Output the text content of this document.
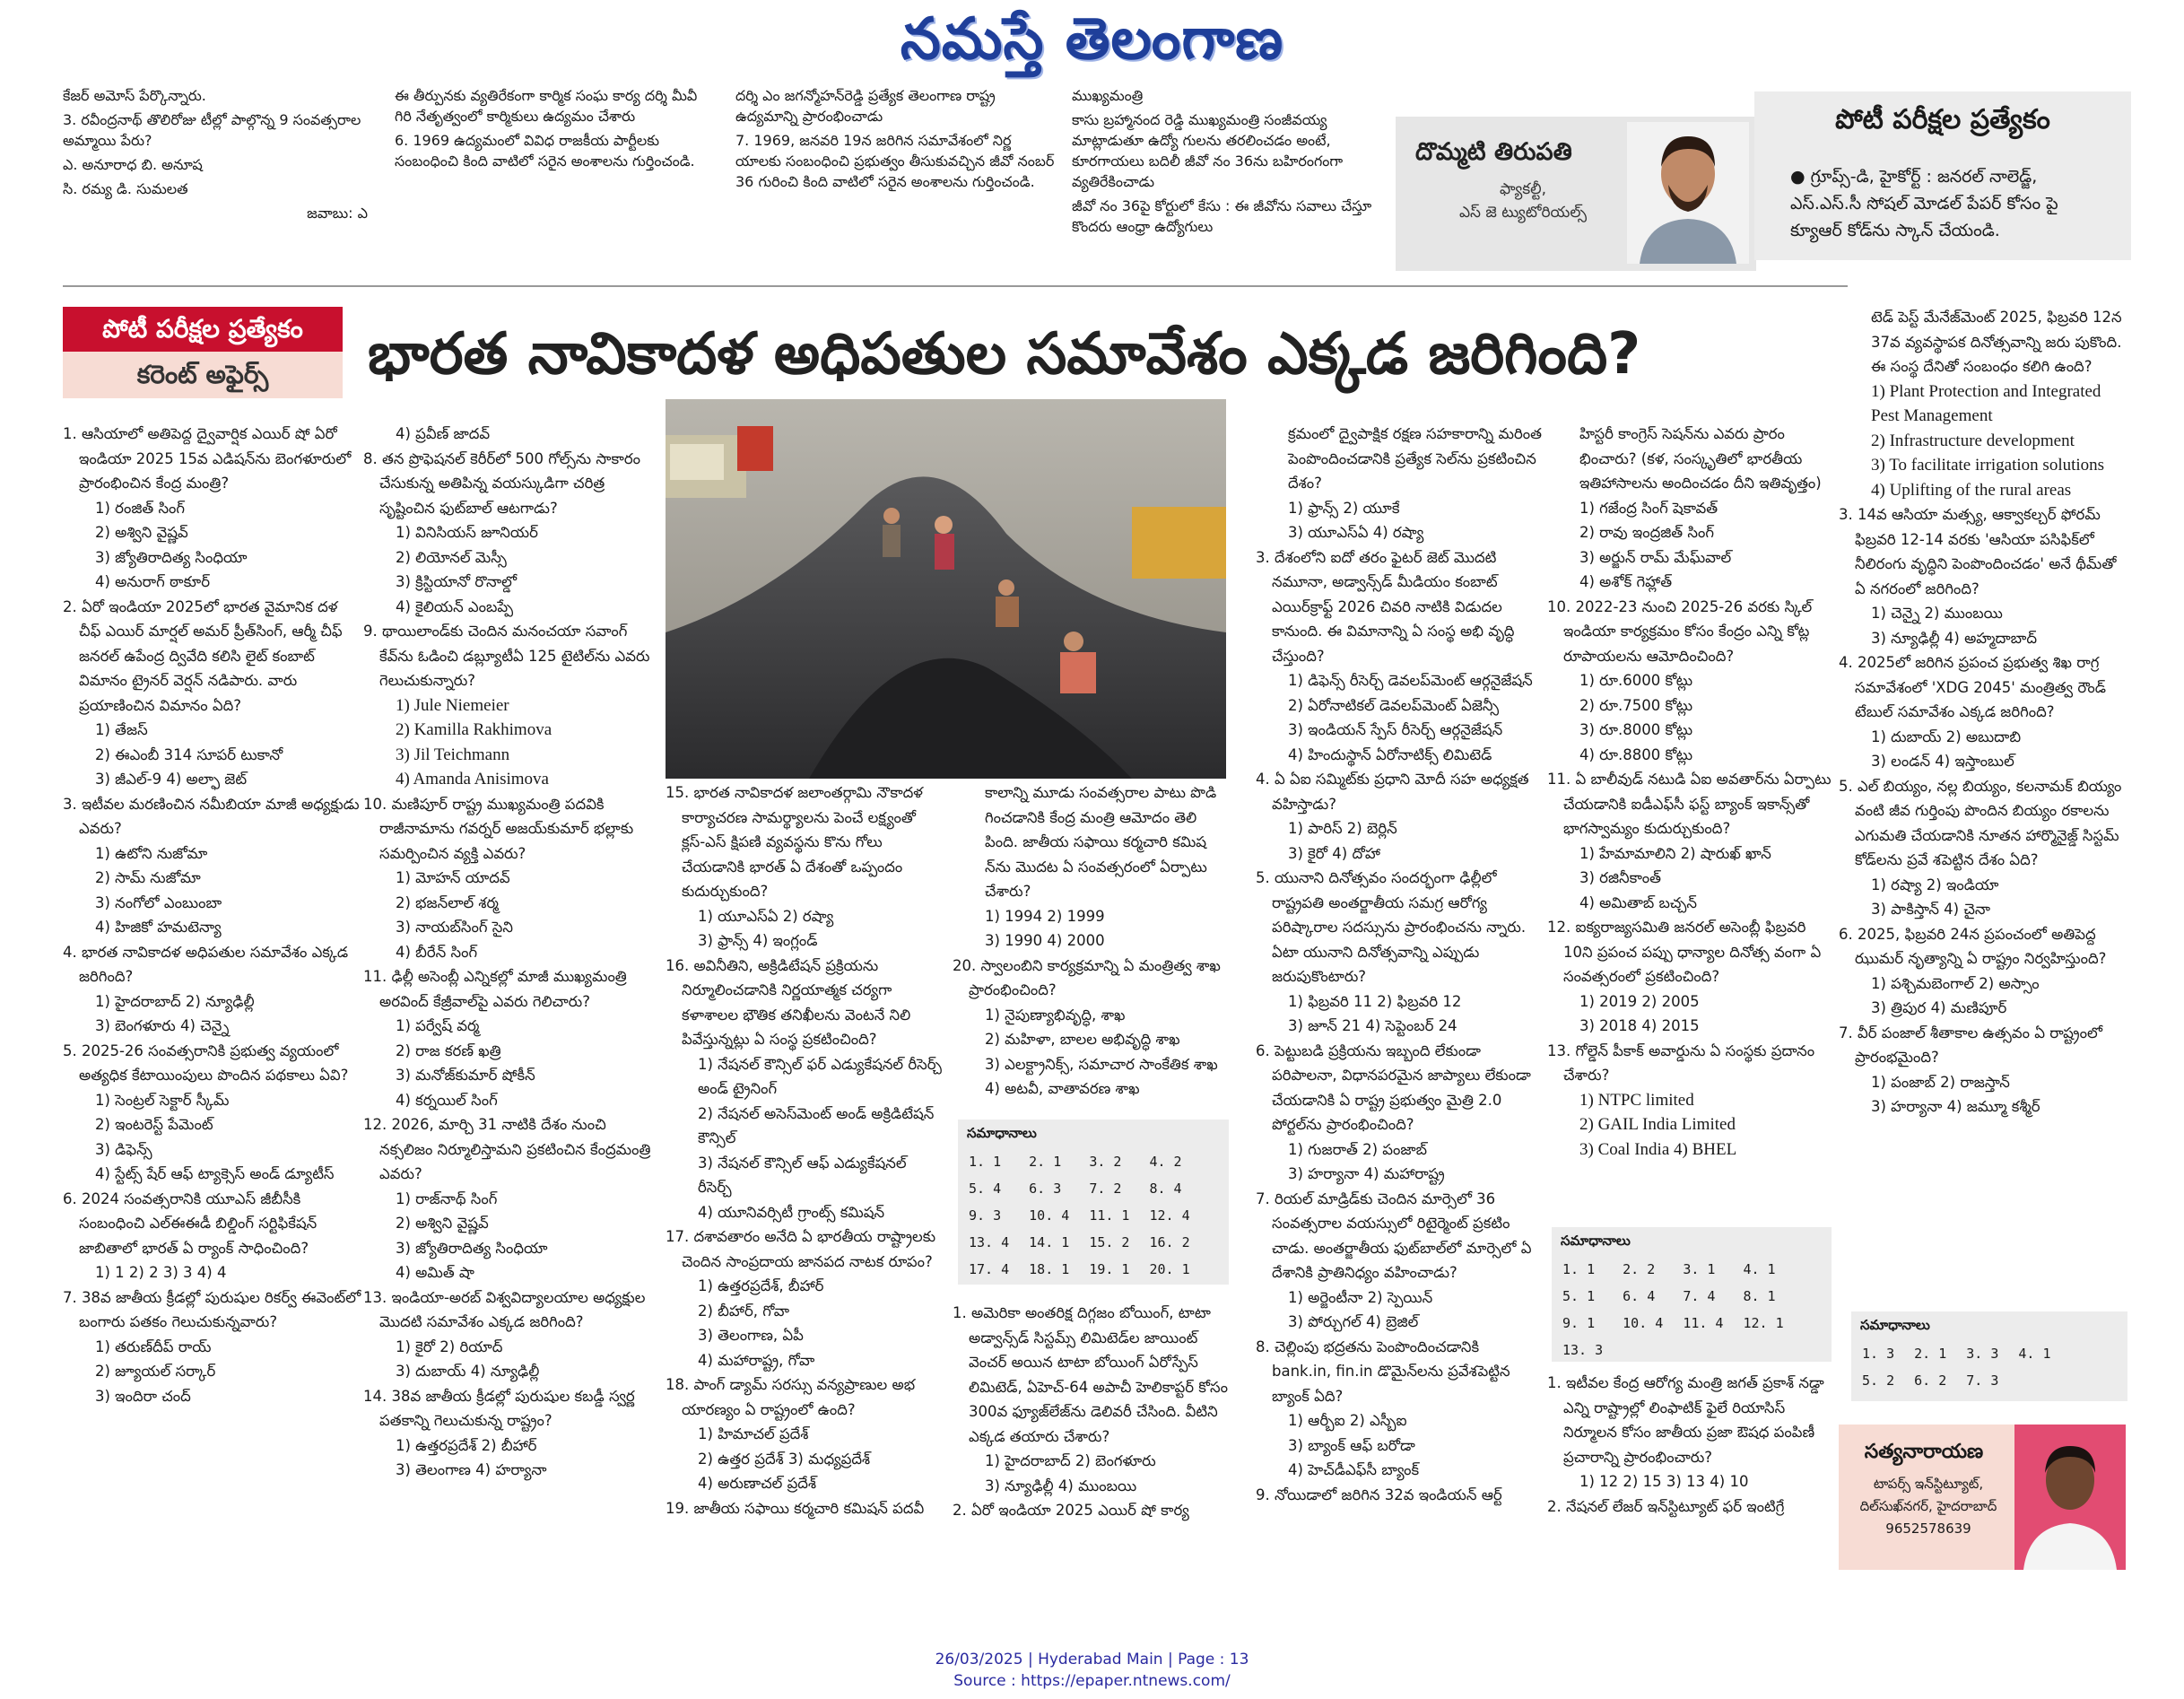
నమస్తే తెలంగాణ

కేజర్ అమోస్ పేర్కొన్నారు.

3. రవీంద్రనాథ్ తొలిరోజు టీల్లో పాల్గొన్న 9 సంవత్సరాల అమ్మాయి పేరు?

ఎ. అనూరాధ బి. అనూష

సి. రమ్య డి. సుమలత

జవాబు: ఎ

ఈ తీర్పునకు వ్యతిరేకంగా కార్మిక సంఘ కార్య దర్శి మీవీ గిరి నేతృత్వంలో కార్మికులు ఉద్యమం చేశారు

6. 1969 ఉద్యమంలో వివిధ రాజకీయ పార్టీలకు సంబంధించి కింది వాటిలో సరైన అంశాలను గుర్తించండి.

దర్శి ఎం జగన్మోహన్‌రెడ్డి ప్రత్యేక తెలంగాణ రాష్ట్ర ఉద్యమాన్ని ప్రారంభించాడు

7. 1969, జనవరి 19న జరిగిన సమావేశంలో నిర్ణ యాలకు సంబంధించి ప్రభుత్వం తీసుకువచ్చిన జీవో నంబర్ 36 గురించి కింది వాటిలో సరైన అంశాలను గుర్తించండి.

ముఖ్యమంత్రి

కాసు బ్రహ్మానంద రెడ్డి ముఖ్యమంత్రి సంజీవయ్య మాట్లాడుతూ ఉద్యో గులను తరలించడం అంటే, కూరగాయలు బదిలీ జీవో నం 36ను బహిరంగంగా వ్యతిరేకించాడు

జీవో నం 36పై కోర్టులో కేసు : ఈ జీవోను సవాలు చేస్తూ కొందరు ఆంధ్రా ఉద్యోగులు

దొమ్మటి తిరుపతి
ఫ్యాకల్టీ,
ఎస్ జె ట్యుటోరియల్స్
పోటీ పరీక్షల ప్రత్యేకం
● గ్రూప్స్-డి, హైకోర్ట్ : జనరల్ నాలెడ్జ్, ఎస్.ఎస్.సీ సోషల్ మోడల్ పేపర్ కోసం పై క్యూఆర్ కోడ్‌ను స్కాన్ చేయండి.
పోటీ పరీక్షల ప్రత్యేకం
కరెంట్ అఫైర్స్	భారత నావికాదళ అధిపతుల సమావేశం ఎక్కడ జరిగింది?

1. ఆసియాలో అతిపెద్ద ద్వైవార్షిక ఎయిర్ షో ఏరో ఇండియా 2025 15వ ఎడిషన్‌ను బెంగళూరులో ప్రారంభించిన కేంద్ర మంత్రి?

1) రంజిత్ సింగ్

2) అశ్విని వైష్ణవ్

3) జ్యోతిరాదిత్య సింధియా

4) అనురాగ్ ఠాకూర్

2. ఏరో ఇండియా 2025లో భారత వైమానిక దళ చీఫ్ ఎయిర్ మార్షల్ అమర్ ప్రీత్‌సింగ్, ఆర్మీ చీఫ్ జనరల్ ఉపేంద్ర ద్వివేది కలిసి లైట్ కంబాట్ విమానం ట్రైనర్ వెర్షన్ నడిపారు. వారు ప్రయాణించిన విమానం ఏది?

1) తేజస్

2) ఈఎంబీ 314 సూపర్ టుకానో

3) జీఎల్-9 4) అల్ఫా జెట్

3. ఇటీవల మరణించిన నమీబియా మాజీ అధ్యక్షుడు ఎవరు?

1) ఉటోని నుజోమా

2) సామ్ నుజోమా

3) నంగోలో ఎంబుంబా

4) హిజికో హమటెన్యా

4. భారత నావికాదళ అధిపతుల సమావేశం ఎక్కడ జరిగింది?

1) హైదరాబాద్ 2) న్యూఢిల్లీ

3) బెంగళూరు 4) చెన్నై

5. 2025-26 సంవత్సరానికి ప్రభుత్వ వ్యయంలో అత్యధిక కేటాయింపులు పొందిన పథకాలు ఏవి?

1) సెంట్రల్ సెక్టార్ స్కీమ్

2) ఇంటరెస్ట్ పేమెంట్

3) డిఫెన్స్

4) స్టేట్స్ షేర్ ఆఫ్ ట్యాక్సెస్ అండ్ డ్యూటీస్

6. 2024 సంవత్సరానికి యూఎస్ జీబీసీకి సంబంధించి ఎల్ఈఈడీ బిల్డింగ్ సర్టిఫికేషన్ జాబితాలో భారత్ ఏ ర్యాంక్ సాధించింది?

1) 1 2) 2 3) 3 4) 4

7. 38వ జాతీయ క్రీడల్లో పురుషుల రికర్వ్ ఈవెంట్‌లో బంగారు పతకం గెలుచుకున్నవారు?

1) తరుణ్‌దీప్ రాయ్

2) జ్యూయల్ సర్కార్

3) ఇందిరా చంద్

4) ప్రవీణ్ జాదవ్

8. తన ప్రొఫెషనల్ కెరీర్‌లో 500 గోల్స్‌ను సాకారం చేసుకున్న అతిపిన్న వయస్కుడిగా చరిత్ర సృష్టించిన ఫుట్‌బాల్ ఆటగాడు?

1) వినిసియస్ జూనియర్

2) లియోనల్ మెస్సీ

3) క్రిస్టియానో రొనాల్డో

4) కైలియన్ ఎంబప్పే

9. థాయిలాండ్‌కు చెందిన మనంచయా సవాంగ్ కేవ్‌ను ఓడించి డబ్ల్యూటీఏ 125 టైటిల్‌ను ఎవరు గెలుచుకున్నారు?

1) Jule Niemeier

2) Kamilla Rakhimova

3) Jil Teichmann

4) Amanda Anisimova

10. మణిపూర్ రాష్ట్ర ముఖ్యమంత్రి పదవికి రాజీనామాను గవర్నర్ అజయ్‌కుమార్ భల్లాకు సమర్పించిన వ్యక్తి ఎవరు?

1) మోహన్ యాదవ్

2) భజన్‌లాల్ శర్మ

3) నాయబ్‌సింగ్ సైని

4) బీరేన్ సింగ్

11. ఢిల్లీ అసెంబ్లీ ఎన్నికల్లో మాజీ ముఖ్యమంత్రి అరవింద్ కేజ్రీవాల్‌పై ఎవరు గెలిచారు?

1) పర్వేష్ వర్మ

2) రాజ కరణ్ ఖత్రి

3) మనోజ్‌కుమార్ షోకీన్

4) కర్నయిల్ సింగ్

12. 2026, మార్చి 31 నాటికి దేశం నుంచి నక్సలిజం నిర్మూలిస్తామని ప్రకటించిన కేంద్రమంత్రి ఎవరు?

1) రాజ్‌నాథ్ సింగ్

2) అశ్విని వైష్ణవ్

3) జ్యోతిరాదిత్య సింధియా

4) అమిత్ షా

13. ఇండియా-అరబ్ విశ్వవిద్యాలయాల అధ్యక్షుల మొదటి సమావేశం ఎక్కడ జరిగింది?

1) కైరో 2) రియాద్

3) దుబాయ్ 4) న్యూఢిల్లీ

14. 38వ జాతీయ క్రీడల్లో పురుషుల కబడ్డీ స్వర్ణ పతకాన్ని గెలుచుకున్న రాష్ట్రం?

1) ఉత్తరప్రదేశ్ 2) బీహార్

3) తెలంగాణ 4) హర్యానా

15. భారత నావికాదళ జలాంతర్గామి నౌకాదళ కార్యాచరణ సామర్థ్యాలను పెంచే లక్ష్యంతో క్లస్-ఎస్ క్షిపణి వ్యవస్థను కొను గోలు చేయడానికి భారత్ ఏ దేశంతో ఒప్పందం కుదుర్చుకుంది?

1) యూఎస్ఏ 2) రష్యా

3) ఫ్రాన్స్ 4) ఇంగ్లండ్

16. అవినీతిని, అక్రిడిటేషన్ ప్రక్రియను నిర్మూలించడానికి నిర్ణయాత్మక చర్యగా కళాశాలల భౌతిక తనిఖీలను వెంటనే నిలి పివేస్తున్నట్లు ఏ సంస్థ ప్రకటించింది?

1) నేషనల్ కౌన్సిల్ ఫర్ ఎడ్యుకేషనల్ రీసెర్చ్ అండ్ ట్రైనింగ్

2) నేషనల్ అసెస్‌మెంట్ అండ్ అక్రిడిటేషన్ కౌన్సిల్

3) నేషనల్ కౌన్సిల్ ఆఫ్ ఎడ్యుకేషనల్ రీసెర్చ్

4) యూనివర్సిటీ గ్రాంట్స్ కమిషన్

17. దశావతారం అనేది ఏ భారతీయ రాష్ట్రాలకు చెందిన సాంప్రదాయ జానపద నాటక రూపం?

1) ఉత్తరప్రదేశ్, బీహార్

2) బీహార్, గోవా

3) తెలంగాణ, ఏపీ

4) మహారాష్ట్ర, గోవా

18. పాంగ్ డ్యామ్ సరస్సు వన్యప్రాణుల అభ యారణ్యం ఏ రాష్ట్రంలో ఉంది?

1) హిమాచల్ ప్రదేశ్

2) ఉత్తర ప్రదేశ్ 3) మధ్యప్రదేశ్

4) అరుణాచల్ ప్రదేశ్

19. జాతీయ సఫాయి కర్మచారి కమిషన్ పదవీ

కాలాన్ని మూడు సంవత్సరాల పాటు పొడి గించడానికి కేంద్ర మంత్రి ఆమోదం తెలి పింది. జాతీయ సఫాయి కర్మచారి కమిష న్‌ను మొదట ఏ సంవత్సరంలో ఏర్పాటు చేశారు?

1) 1994 2) 1999

3) 1990 4) 2000

20. స్వాలంబిని కార్యక్రమాన్ని ఏ మంత్రిత్వ శాఖ ప్రారంభించింది?

1) నైపుణ్యాభివృద్ధి, శాఖ

2) మహిళా, బాలల అభివృద్ధి శాఖ

3) ఎలక్ట్రానిక్స్, సమాచార సాంకేతిక శాఖ

4) అటవీ, వాతావరణ శాఖ

సమాధానాలు
1. 1	2. 1	3. 2	4. 2
5. 4	6. 3	7. 2	8. 4
9. 3	10. 4	11. 1	12. 4
13. 4	14. 1	15. 2	16. 2
17. 4	18. 1	19. 1	20. 1

1. అమెరికా అంతరిక్ష దిగ్గజం బోయింగ్, టాటా అడ్వాన్స్‌డ్ సిస్టమ్స్ లిమిటెడ్‌ల జాయింట్ వెంచర్ అయిన టాటా బోయింగ్ ఏరోస్పేస్ లిమిటెడ్, ఏహెచ్-64 అపాచీ హెలికాప్టర్ కోసం 300వ ఫ్యూజ్‌లేజ్‌ను డెలివరీ చేసింది. వీటిని ఎక్కడ తయారు చేశారు?

1) హైదరాబాద్ 2) బెంగళూరు

3) న్యూఢిల్లీ 4) ముంబయి

2. ఏరో ఇండియా 2025 ఎయిర్ షో కార్య

క్రమంలో ద్వైపాక్షిక రక్షణ సహకారాన్ని మరింత పెంపొందించడానికి ప్రత్యేక సెల్‌ను ప్రకటించిన దేశం?

1) ఫ్రాన్స్ 2) యూకే

3) యూఎస్ఏ 4) రష్యా

3. దేశంలోని ఐదో తరం ఫైటర్ జెట్ మొదటి నమూనా, అడ్వాన్స్‌డ్ మీడియం కంబాట్ ఎయిర్‌క్రాఫ్ట్ 2026 చివరి నాటికి విడుదల కానుంది. ఈ విమానాన్ని ఏ సంస్థ అభి వృద్ధి చేస్తుంది?

1) డిఫెన్స్ రీసెర్చ్ డెవలప్‌మెంట్ ఆర్గనైజేషన్

2) ఏరోనాటికల్ డెవలప్‌మెంట్ ఏజెన్సీ

3) ఇండియన్ స్పేస్ రీసెర్చ్ ఆర్గనైజేషన్

4) హిందుస్థాన్ ఏరోనాటిక్స్ లిమిటెడ్

4. ఏ ఏఐ సమ్మిట్‌కు ప్రధాని మోదీ సహ అధ్యక్షత వహిస్తాడు?

1) పారిస్ 2) బెర్లిన్

3) కైరో 4) దోహా

5. యునాని దినోత్సవం సందర్భంగా ఢిల్లీలో రాష్ట్రపతి అంతర్జాతీయ సమగ్ర ఆరోగ్య పరిష్కారాల సదస్సును ప్రారంభించను న్నారు. ఏటా యునాని దినోత్సవాన్ని ఎప్పుడు జరుపుకొంటారు?

1) ఫిబ్రవరి 11 2) ఫిబ్రవరి 12

3) జూన్ 21 4) సెప్టెంబర్ 24

6. పెట్టుబడి ప్రక్రియను ఇబ్బంది లేకుండా పరిపాలనా, విధానపరమైన జాప్యాలు లేకుండా చేయడానికి ఏ రాష్ట్ర ప్రభుత్వం మైత్రి 2.0 పోర్టల్‌ను ప్రారంభించింది?

1) గుజరాత్ 2) పంజాబ్

3) హర్యానా 4) మహారాష్ట్ర

7. రియల్ మాడ్రిడ్‌కు చెందిన మార్సెలో 36 సంవత్సరాల వయస్సులో రిటైర్మెంట్ ప్రకటిం చాడు. అంతర్జాతీయ ఫుట్‌బాల్‌లో మార్సెలో ఏ దేశానికి ప్రాతినిధ్యం వహించాడు?

1) అర్జెంటీనా 2) స్పెయిన్

3) పోర్చుగల్ 4) బ్రెజిల్

8. చెల్లింపు భద్రతను పెంపొందించడానికి bank.in, fin.in డొమైన్‌లను ప్రవేశపెట్టిన బ్యాంక్ ఏది?

1) ఆర్బీఐ 2) ఎస్బీఐ

3) బ్యాంక్ ఆఫ్ బరోడా

4) హెచ్‌డీఎఫ్‌సీ బ్యాంక్

9. నోయిడాలో జరిగిన 32వ ఇండియన్ ఆర్ట్

హిస్టరీ కాంగ్రెస్ సెషన్‌ను ఎవరు ప్రారం భించారు? (కళ, సంస్కృతిలో భారతీయ ఇతిహాసాలను అందించడం దీని ఇతివృత్తం)

1) గజేంద్ర సింగ్ షెకావత్

2) రావు ఇంద్రజిత్ సింగ్

3) అర్జున్ రామ్ మేఘ్‌వాల్

4) అశోక్ గెహ్లాత్

10. 2022-23 నుంచి 2025-26 వరకు స్కిల్ ఇండియా కార్యక్రమం కోసం కేంద్రం ఎన్ని కోట్ల రూపాయలను ఆమోదించింది?

1) రూ.6000 కోట్లు

2) రూ.7500 కోట్లు

3) రూ.8000 కోట్లు

4) రూ.8800 కోట్లు

11. ఏ బాలీవుడ్ నటుడి ఏఐ అవతార్‌ను ఏర్పాటు చేయడానికి ఐడీఎఫ్‌సీ ఫస్ట్ బ్యాంక్ ఇకాన్స్‌తో భాగస్వామ్యం కుదుర్చుకుంది?

1) హేమామాలిని 2) షారుఖ్ ఖాన్

3) రజినీకాంత్

4) అమితాబ్ బచ్చన్

12. ఐక్యరాజ్యసమితి జనరల్ అసెంబ్లీ ఫిబ్రవరి 10ని ప్రపంచ పప్పు ధాన్యాల దినోత్స వంగా ఏ సంవత్సరంలో ప్రకటించింది?

1) 2019 2) 2005

3) 2018 4) 2015

13. గోల్డెన్ పీకాక్ అవార్డును ఏ సంస్థకు ప్రదానం చేశారు?

1) NTPC limited

2) GAIL India Limited

3) Coal India 4) BHEL

సమాధానాలు
1. 1	2. 2	3. 1	4. 1
5. 1	6. 4	7. 4	8. 1
9. 1	10. 4	11. 4	12. 1
13. 3			

1. ఇటీవల కేంద్ర ఆరోగ్య మంత్రి జగత్ ప్రకాశ్ నడ్డా ఎన్ని రాష్ట్రాల్లో లింఫాటిక్ ఫైలే రియాసిస్ నిర్మూలన కోసం జాతీయ ప్రజా ఔషధ పంపిణీ ప్రచారాన్ని ప్రారంభించారు?

1) 12 2) 15 3) 13 4) 10

2. నేషనల్ లేజర్ ఇన్‌స్టిట్యూట్ ఫర్ ఇంటిగ్రే

టెడ్ పెస్ట్ మేనేజ్‌మెంట్ 2025, ఫిబ్రవరి 12న 37వ వ్యవస్థాపక దినోత్సవాన్ని జరు పుకొంది. ఈ సంస్థ దేనితో సంబంధం కలిగి ఉంది?

1) Plant Protection and Integrated Pest Management

2) Infrastructure development

3) To facilitate irrigation solutions

4) Uplifting of the rural areas

3. 14వ ఆసియా మత్స్య, ఆక్వాకల్చర్ ఫోరమ్ ఫిబ్రవరి 12-14 వరకు 'ఆసియా పసిఫిక్‌లో నీలిరంగు వృద్ధిని పెంపొందించడం' అనే థీమ్‌తో ఏ నగరంలో జరిగింది?

1) చెన్నై 2) ముంబయి

3) న్యూఢిల్లీ 4) అహ్మదాబాద్

4. 2025లో జరిగిన ప్రపంచ ప్రభుత్వ శిఖ రాగ్ర సమావేశంలో 'XDG 2045' మంత్రిత్వ రౌండ్ టేబుల్ సమావేశం ఎక్కడ జరిగింది?

1) దుబాయ్ 2) అబుదాబి

3) లండన్ 4) ఇస్తాంబుల్

5. ఎల్ బియ్యం, నల్ల బియ్యం, కలనామక్ బియ్యం వంటి జీవ గుర్తింపు పొందిన బియ్యం రకాలను ఎగుమతి చేయడానికి నూతన హార్మొనైజ్డ్ సిస్టమ్ కోడ్‌లను ప్రవే శపెట్టిన దేశం ఏది?

1) రష్యా 2) ఇండియా

3) పాకిస్తాన్ 4) చైనా

6. 2025, ఫిబ్రవరి 24న ప్రపంచంలో అతిపెద్ద ఝుమర్ నృత్యాన్ని ఏ రాష్ట్రం నిర్వహిస్తుంది?

1) పశ్చిమబెంగాల్ 2) అస్సాం

3) త్రిపుర 4) మణిపూర్

7. వీర్ పంజాల్ శీతాకాల ఉత్సవం ఏ రాష్ట్రంలో ప్రారంభమైంది?

1) పంజాబ్ 2) రాజస్తాన్

3) హర్యానా 4) జమ్మూ కశ్మీర్

సమాధానాలు
1. 3	2. 1	3. 3	4. 1
5. 2	6. 2	7. 3	
సత్యనారాయణ
టాపర్స్ ఇన్‌స్టిట్యూట్,
దిల్‌సుఖ్‌నగర్, హైదరాబాద్
9652578639
26/03/2025 | Hyderabad Main | Page : 13
Source : https://epaper.ntnews.com/
